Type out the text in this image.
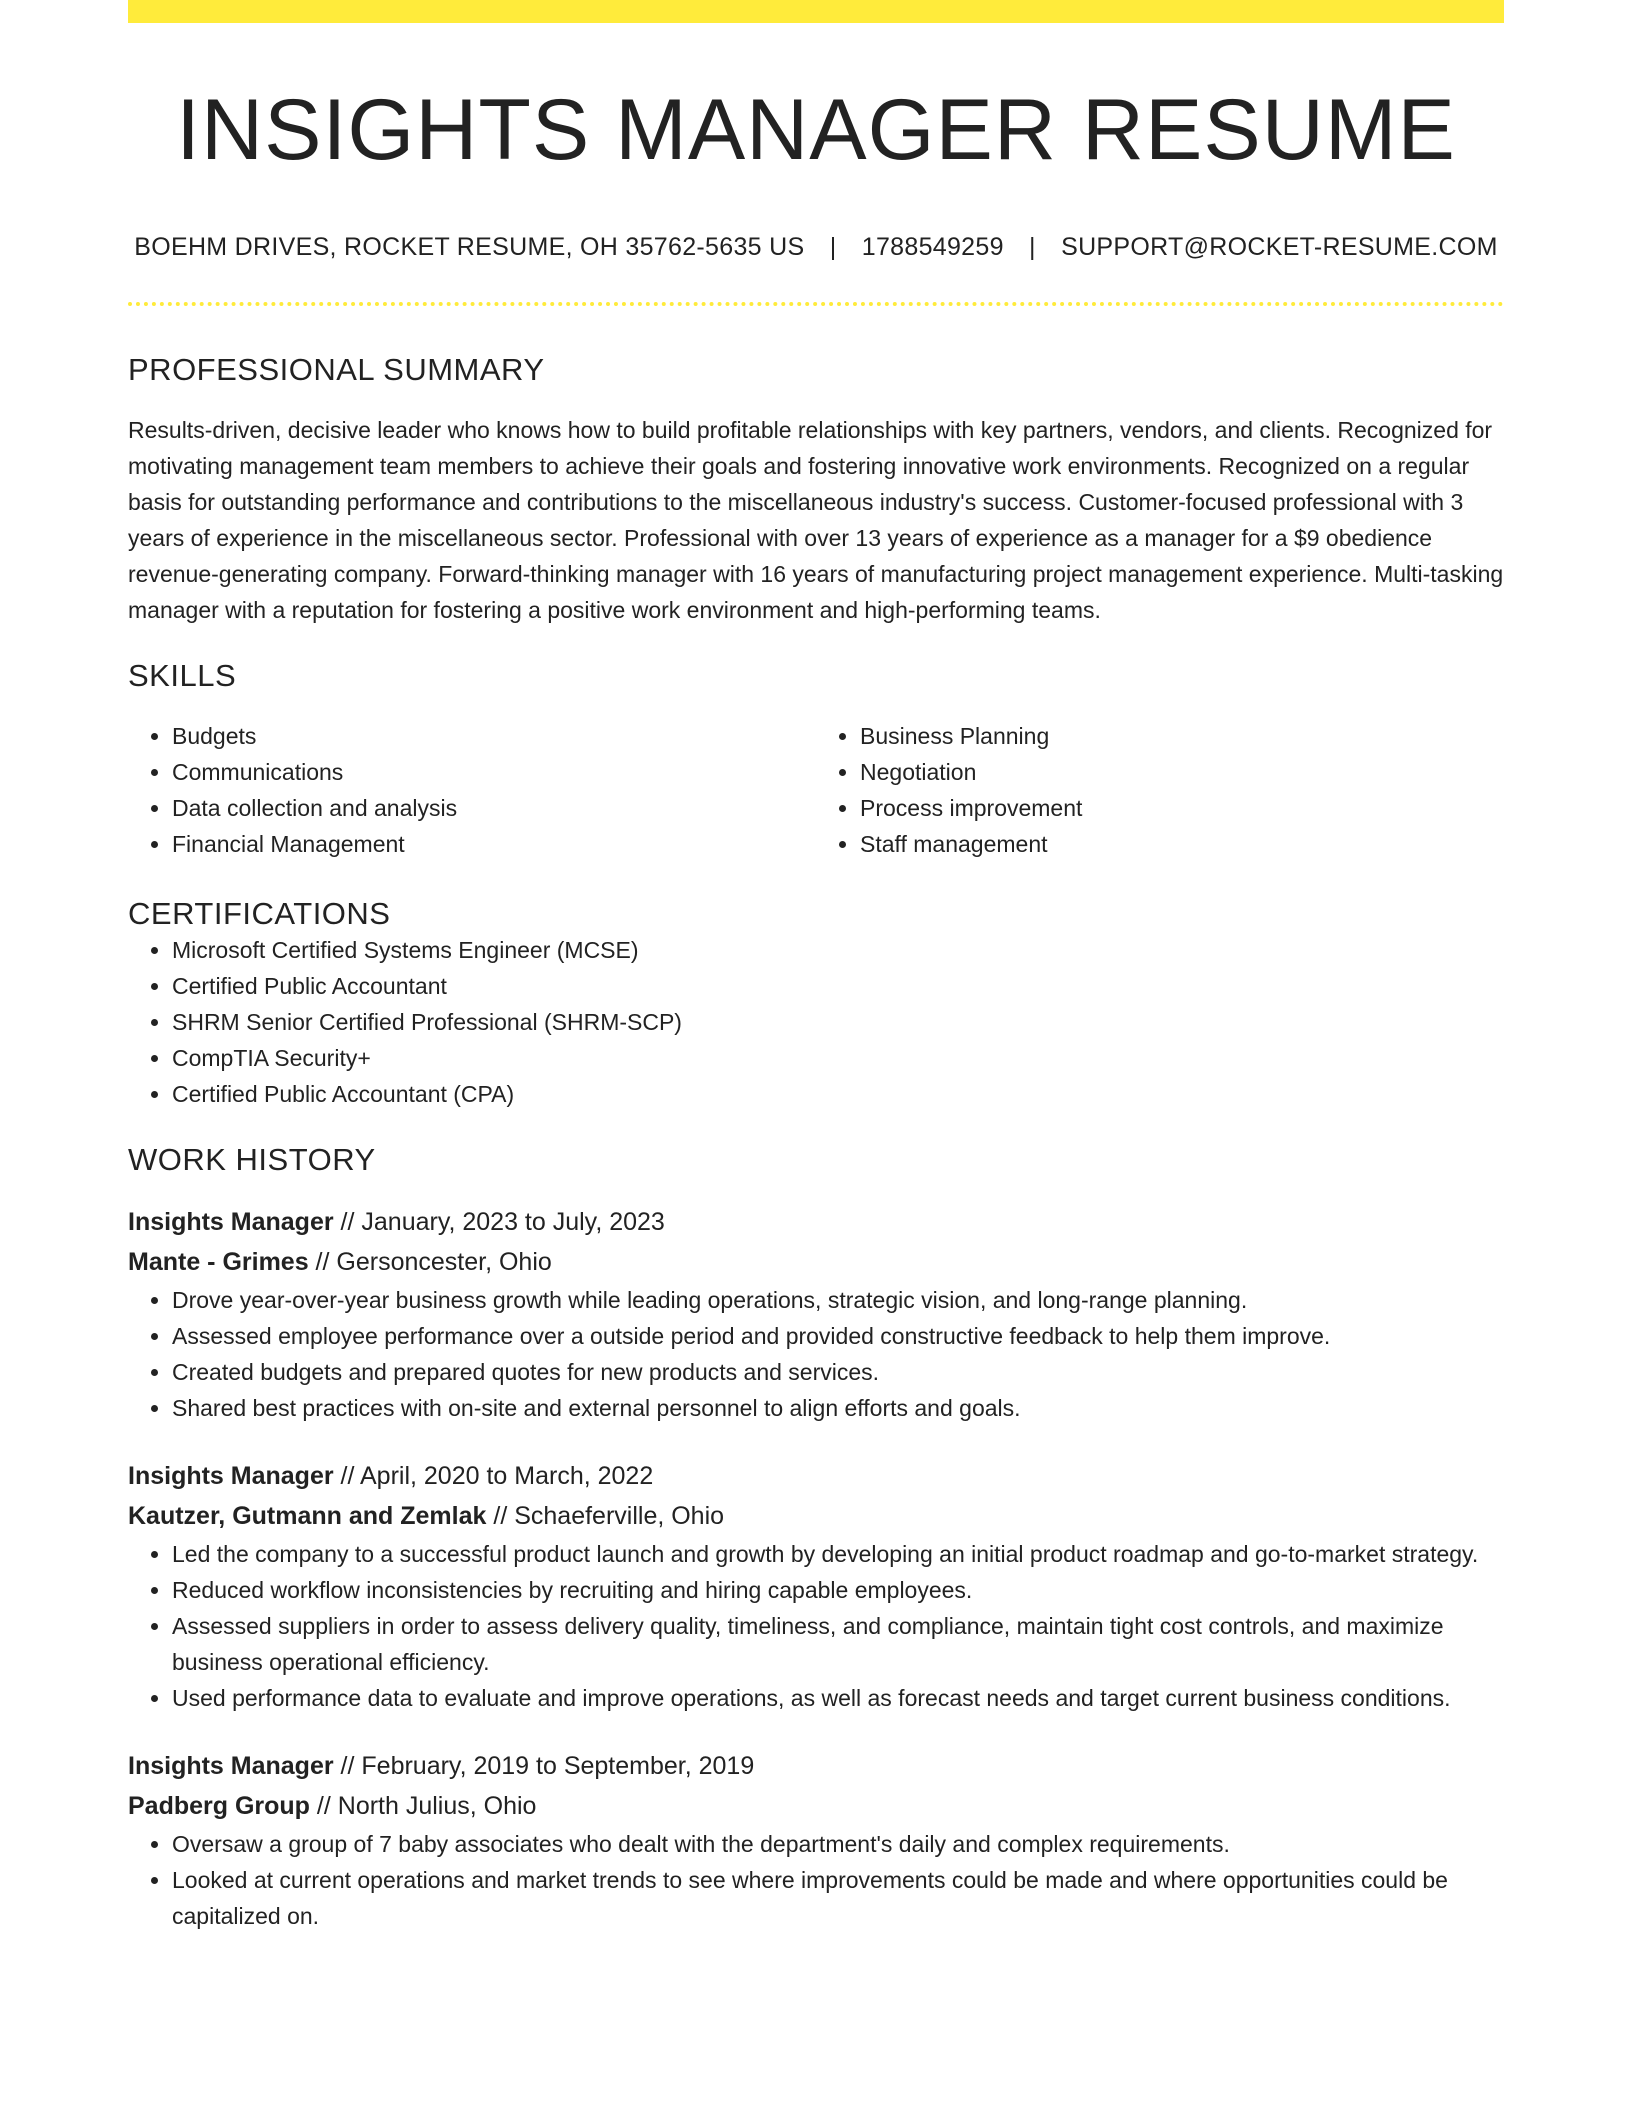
INSIGHTS MANAGER RESUME
BOEHM DRIVES, ROCKET RESUME, OH 35762-5635 US | 1788549259 | SUPPORT@ROCKET-RESUME.COM
PROFESSIONAL SUMMARY

Results-driven, decisive leader who knows how to build profitable relationships with key partners, vendors, and clients. Recognized for motivating management team members to achieve their goals and fostering innovative work environments. Recognized on a regular basis for outstanding performance and contributions to the miscellaneous industry's success. Customer-focused professional with 3 years of experience in the miscellaneous sector. Professional with over 13 years of experience as a manager for a $9 obedience revenue-generating company. Forward-thinking manager with 16 years of manufacturing project management experience. Multi-tasking manager with a reputation for fostering a positive work environment and high-performing teams.

SKILLS
• Budgets
• Communications
• Data collection and analysis
• Financial Management
• Business Planning
• Negotiation
• Process improvement
• Staff management
CERTIFICATIONS
• Microsoft Certified Systems Engineer (MCSE)
• Certified Public Accountant
• SHRM Senior Certified Professional (SHRM-SCP)
• CompTIA Security+
• Certified Public Accountant (CPA)
WORK HISTORY
Insights Manager // January, 2023 to July, 2023
Mante - Grimes // Gersoncester, Ohio
• Drove year-over-year business growth while leading operations, strategic vision, and long-range planning.
• Assessed employee performance over a outside period and provided constructive feedback to help them improve.
• Created budgets and prepared quotes for new products and services.
• Shared best practices with on-site and external personnel to align efforts and goals.
Insights Manager // April, 2020 to March, 2022
Kautzer, Gutmann and Zemlak // Schaeferville, Ohio
• Led the company to a successful product launch and growth by developing an initial product roadmap and go-to-market strategy.
• Reduced workflow inconsistencies by recruiting and hiring capable employees.
• Assessed suppliers in order to assess delivery quality, timeliness, and compliance, maintain tight cost controls, and maximize business operational efficiency.
• Used performance data to evaluate and improve operations, as well as forecast needs and target current business conditions.
Insights Manager // February, 2019 to September, 2019
Padberg Group // North Julius, Ohio
• Oversaw a group of 7 baby associates who dealt with the department's daily and complex requirements.
• Looked at current operations and market trends to see where improvements could be made and where opportunities could be capitalized on.
